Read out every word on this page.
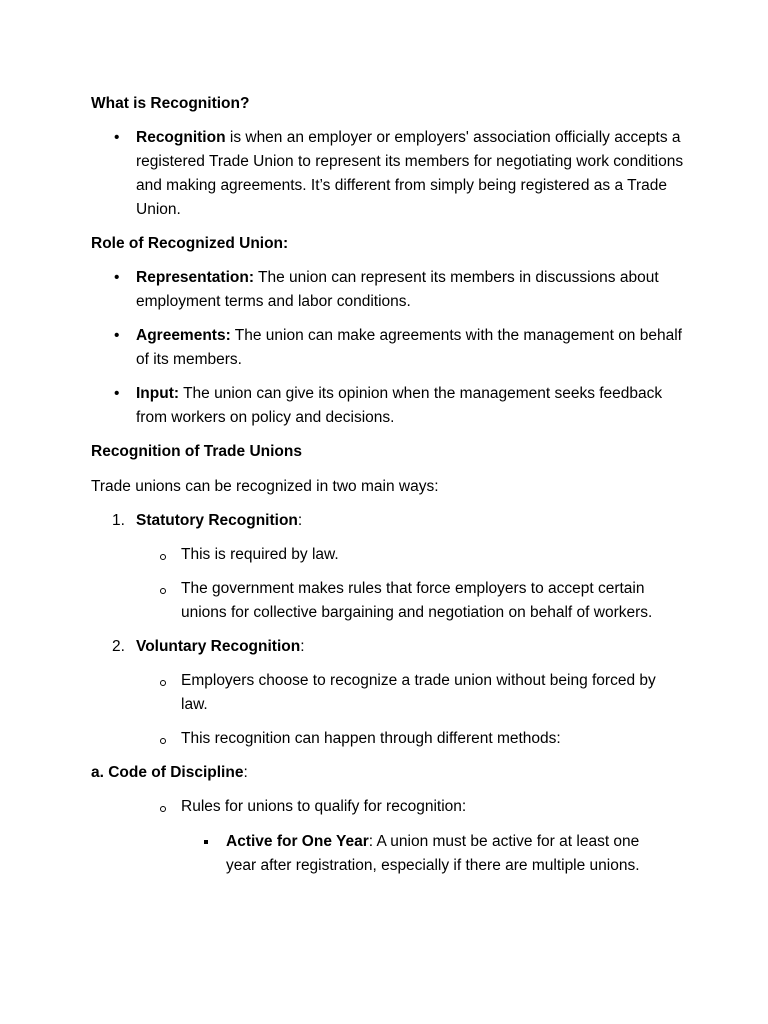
What is Recognition?
• Recognition is when an employer or employers' association officially accepts a registered Trade Union to represent its members for negotiating work conditions and making agreements. It’s different from simply being registered as a Trade Union.
Role of Recognized Union:
• Representation: The union can represent its members in discussions about employment terms and labor conditions.
• Agreements: The union can make agreements with the management on behalf of its members.
• Input: The union can give its opinion when the management seeks feedback from workers on policy and decisions.
Recognition of Trade Unions
Trade unions can be recognized in two main ways:
1. Statutory Recognition:
This is required by law.
The government makes rules that force employers to accept certain unions for collective bargaining and negotiation on behalf of workers.
2. Voluntary Recognition:
Employers choose to recognize a trade union without being forced by law.
This recognition can happen through different methods:
a. Code of Discipline:
Rules for unions to qualify for recognition:
Active for One Year: A union must be active for at least one year after registration, especially if there are multiple unions.
